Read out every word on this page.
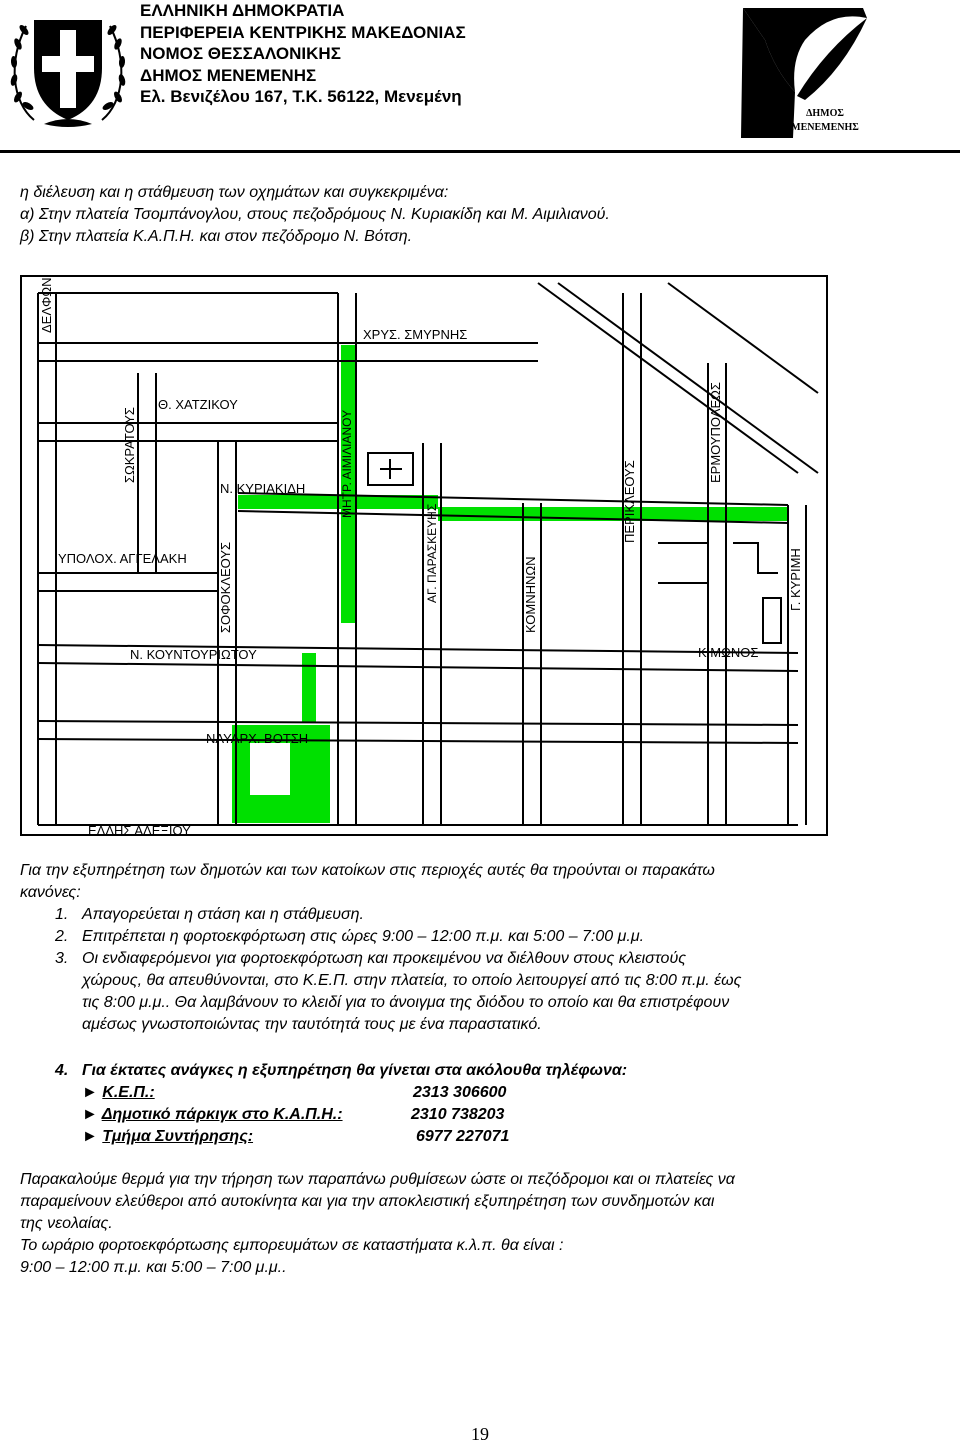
ΕΛΛΗΝΙΚΗ ΔΗΜΟΚΡΑΤΙΑ
ΠΕΡΙΦΕΡΕΙΑ ΚΕΝΤΡΙΚΗΣ ΜΑΚΕΔΟΝΙΑΣ
ΝΟΜΟΣ ΘΕΣΣΑΛΟΝΙΚΗΣ
ΔΗΜΟΣ ΜΕΝΕΜΕΝΗΣ
Ελ. Βενιζέλου 167, Τ.Κ. 56122, Μενεμένη
ΔΗΜΟΣ
ΜΕΝΕΜΕΝΗΣ
η διέλευση και η στάθμευση των οχημάτων και συγκεκριμένα:
α) Στην πλατεία Τσομπάνογλου, στους πεζοδρόμους Ν. Κυριακίδη και Μ. Αιμιλιανού.
β) Στην πλατεία Κ.Α.Π.Η. και στον πεζόδρομο Ν. Βότση.
ΔΕΛΦΩΝ
ΧΡΥΣ. ΣΜΥΡΝΗΣ
Θ. ΧΑΤΖΙΚΟΥ
ΣΩΚΡΑΤΟΥΣ	ΜΗΤΡ. ΑΙΜΙΛΙΑΝΟΥ
Ν. ΚΥΡΙΑΚΙΔΗ
ΑΓ. ΠΑΡΑΣΚΕΥΗΣ
ΠΕΡΙΚΛΕΟΥΣ
ΕΡΜΟΥΠΟΛΕΩΣ
ΣΟΦΟΚΛΕΟΥΣ	ΚΟΜΝΗΝΩΝ
ΥΠΟΛΟΧ. ΑΓΓΕΛΑΚΗ	Γ. ΚΥΡΙΜΗ
Ν. ΚΟΥΝΤΟΥΡΙΩΤΟΥ	ΚΙΜΩΝΟΣ
ΝΑΥΑΡΧ. ΒΟΤΣΗ
ΕΛΛΗΣ ΑΛΕΞΙΟΥ
Για την εξυπηρέτηση των δημοτών και των κατοίκων στις περιοχές αυτές θα τηρούνται οι παρακάτω
κανόνες:
1. Απαγορεύεται η στάση και η στάθμευση.
2. Επιτρέπεται η φορτοεκφόρτωση στις ώρες 9:00 – 12:00 π.μ. και 5:00 – 7:00 μ.μ.
3. Οι ενδιαφερόμενοι για φορτοεκφόρτωση και προκειμένου να διέλθουν στους κλειστούς
χώρους, θα απευθύνονται, στο Κ.Ε.Π. στην πλατεία, το οποίο λειτουργεί από τις 8:00 π.μ. έως
τις 8:00 μ.μ.. Θα λαμβάνουν το κλειδί για το άνοιγμα της διόδου το οποίο και θα επιστρέφουν
αμέσως γνωστοποιώντας την ταυτότητά τους με ένα παραστατικό.
4. Για έκτατες ανάγκες η εξυπηρέτηση θα γίνεται στα ακόλουθα τηλέφωνα:
► Κ.Ε.Π.:	2313 306600
► Δημοτικό πάρκιγκ στο Κ.Α.Π.Η.:	2310 738203
► Τμήμα Συντήρησης:	6977 227071
Παρακαλούμε θερμά για την τήρηση των παραπάνω ρυθμίσεων ώστε οι πεζόδρομοι και οι πλατείες να
παραμείνουν ελεύθεροι από αυτοκίνητα και για την αποκλειστική εξυπηρέτηση των συνδημοτών και
της νεολαίας.
Το ωράριο φορτοεκφόρτωσης εμπορευμάτων σε καταστήματα κ.λ.π. θα είναι :
9:00 – 12:00 π.μ. και 5:00 – 7:00 μ.μ..
19
